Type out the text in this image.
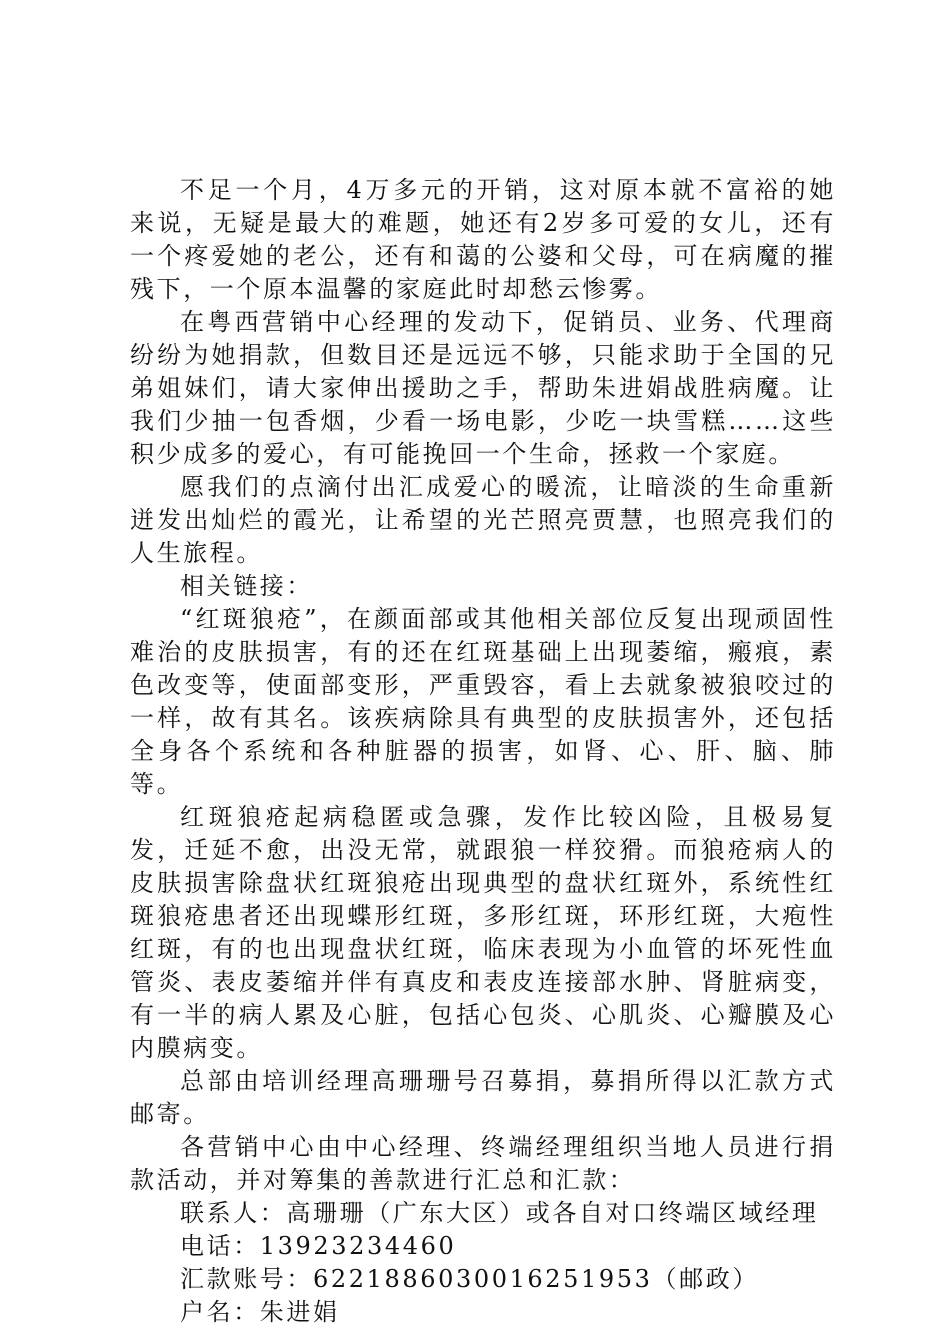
不足一个月，4万多元的开销，这对原本就不富裕的她来说，无疑是最大的难题，她还有2岁多可爱的女儿，还有一个疼爱她的老公，还有和蔼的公婆和父母，可在病魔的摧残下，一个原本温馨的家庭此时却愁云惨雾。

在粤西营销中心经理的发动下，促销员、业务、代理商纷纷为她捐款，但数目还是远远不够，只能求助于全国的兄弟姐妹们，请大家伸出援助之手，帮助朱进娟战胜病魔。让我们少抽一包香烟，少看一场电影，少吃一块雪糕……这些积少成多的爱心，有可能挽回一个生命，拯救一个家庭。

愿我们的点滴付出汇成爱心的暖流，让暗淡的生命重新迸发出灿烂的霞光，让希望的光芒照亮贾慧，也照亮我们的人生旅程。

相关链接：

“红斑狼疮”，在颜面部或其他相关部位反复出现顽固性难治的皮肤损害，有的还在红斑基础上出现萎缩，瘢痕，素色改变等，使面部变形，严重毁容，看上去就象被狼咬过的一样，故有其名。该疾病除具有典型的皮肤损害外，还包括全身各个系统和各种脏器的损害，如肾、心、肝、脑、肺等。

红斑狼疮起病稳匿或急骤，发作比较凶险，且极易复发，迁延不愈，出没无常，就跟狼一样狡猾。而狼疮病人的皮肤损害除盘状红斑狼疮出现典型的盘状红斑外，系统性红斑狼疮患者还出现蝶形红斑，多形红斑，环形红斑，大疱性红斑，有的也出现盘状红斑，临床表现为小血管的坏死性血管炎、表皮萎缩并伴有真皮和表皮连接部水肿、肾脏病变，有一半的病人累及心脏，包括心包炎、心肌炎、心瓣膜及心内膜病变。

总部由培训经理高珊珊号召募捐，募捐所得以汇款方式邮寄。

各营销中心由中心经理、终端经理组织当地人员进行捐款活动，并对筹集的善款进行汇总和汇款：

联系人：高珊珊（广东大区）或各自对口终端区域经理

电话：13923234460

汇款账号：6221886030016251953（邮政）

户名：朱进娟
